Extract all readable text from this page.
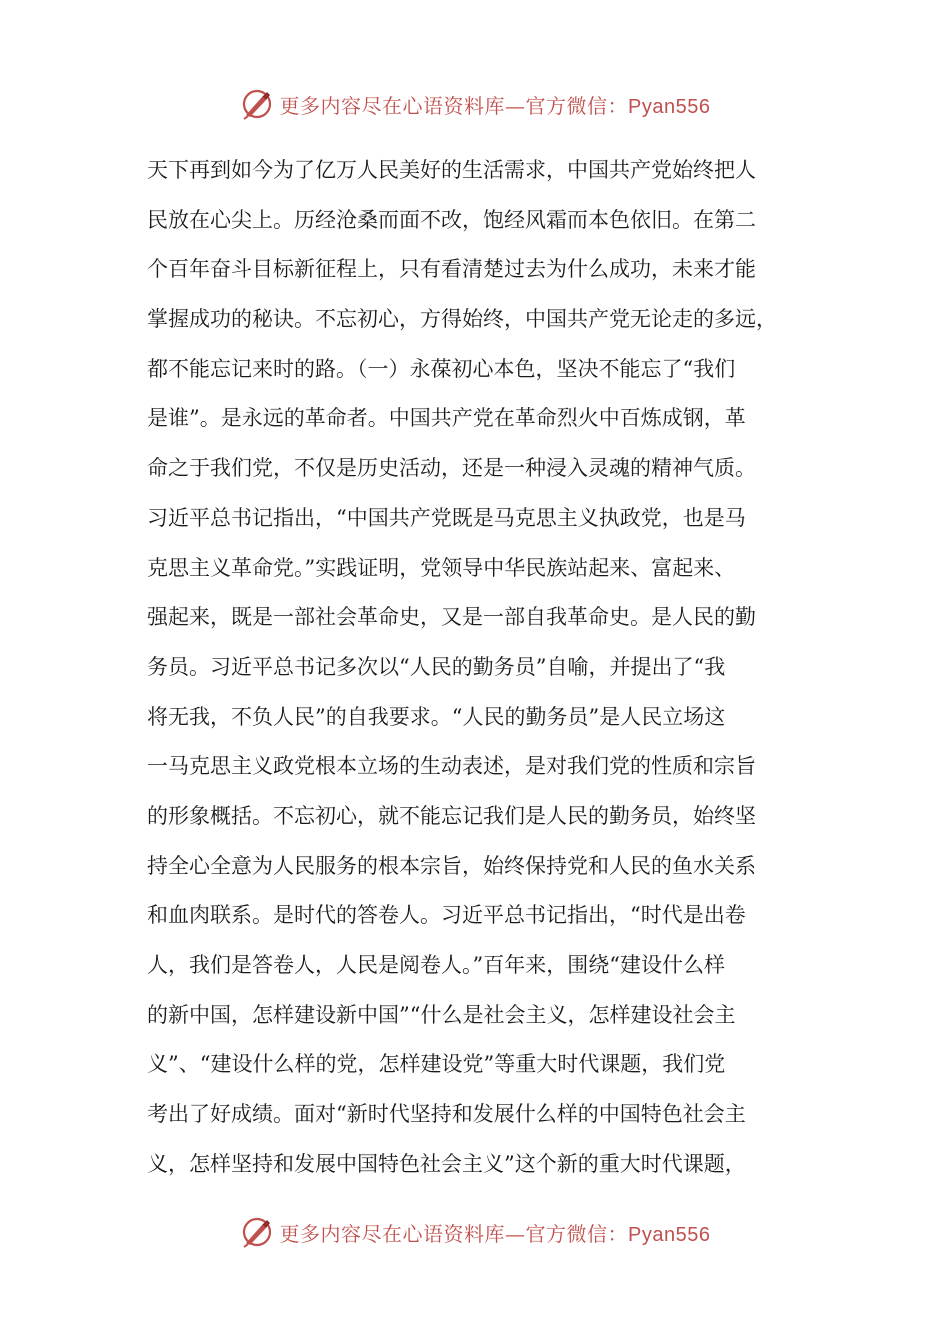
更多内容尽在心语资料库—官方微信：Pyan556
天下再到如今为了亿万人民美好的生活需求，中国共产党始终把人
民放在心尖上。历经沧桑而面不改，饱经风霜而本色依旧。在第二
个百年奋斗目标新征程上，只有看清楚过去为什么成功，未来才能
掌握成功的秘诀。不忘初心，方得始终，中国共产党无论走的多远，
都不能忘记来时的路。（一）永葆初心本色，坚决不能忘了“我们
是谁”。是永远的革命者。中国共产党在革命烈火中百炼成钢，革
命之于我们党，不仅是历史活动，还是一种浸入灵魂的精神气质。
习近平总书记指出，“中国共产党既是马克思主义执政党，也是马
克思主义革命党。”实践证明，党领导中华民族站起来、富起来、
强起来，既是一部社会革命史，又是一部自我革命史。是人民的勤
务员。习近平总书记多次以“人民的勤务员”自喻，并提出了“我
将无我，不负人民”的自我要求。“人民的勤务员”是人民立场这
一马克思主义政党根本立场的生动表述，是对我们党的性质和宗旨
的形象概括。不忘初心，就不能忘记我们是人民的勤务员，始终坚
持全心全意为人民服务的根本宗旨，始终保持党和人民的鱼水关系
和血肉联系。是时代的答卷人。习近平总书记指出，“时代是出卷
人，我们是答卷人，人民是阅卷人。”百年来，围绕“建设什么样
的新中国，怎样建设新中国”“什么是社会主义，怎样建设社会主
义”、“建设什么样的党，怎样建设党”等重大时代课题，我们党
考出了好成绩。面对“新时代坚持和发展什么样的中国特色社会主
义，怎样坚持和发展中国特色社会主义”这个新的重大时代课题，
更多内容尽在心语资料库—官方微信：Pyan556
